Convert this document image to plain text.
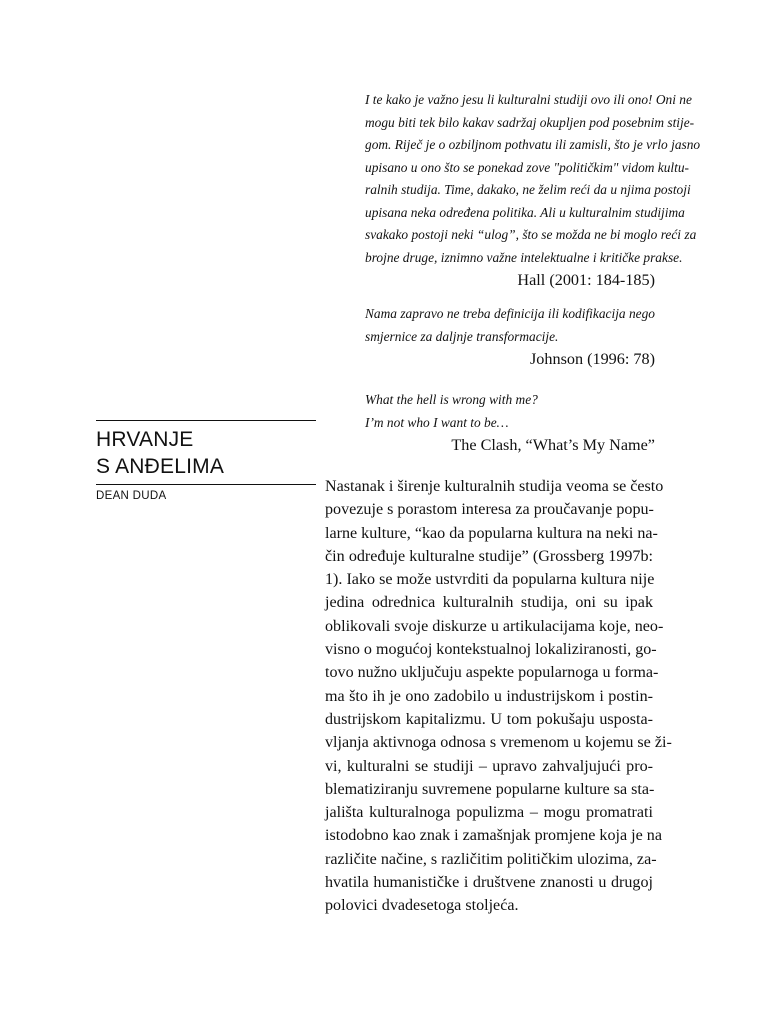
I te kako je važno jesu li kulturalni studiji ovo ili ono! Oni ne
mogu biti tek bilo kakav sadržaj okupljen pod posebnim stije-
gom. Riječ je o ozbiljnom pothvatu ili zamisli, što je vrlo jasno
upisano u ono što se ponekad zove "političkim" vidom kultu-
ralnih studija. Time, dakako, ne želim reći da u njima postoji
upisana neka određena politika. Ali u kulturalnim studijima
svakako postoji neki “ulog”, što se možda ne bi moglo reći za
brojne druge, iznimno važne intelektualne i kritičke prakse.
Hall (2001: 184-185)
Nama zapravo ne treba definicija ili kodifikacija nego
smjernice za daljnje transformacije.
Johnson (1996: 78)
What the hell is wrong with me?
I’m not who I want to be…
The Clash, “What’s My Name”
HRVANJE
S ANĐELIMA
DEAN DUDA
Nastanak i širenje kulturalnih studija veoma se često
povezuje s porastom interesa za proučavanje popu-
larne kulture, “kao da popularna kultura na neki na-
čin određuje kulturalne studije” (Grossberg 1997b:
1). Iako se može ustvrditi da popularna kultura nije
jedina odrednica kulturalnih studija, oni su ipak
oblikovali svoje diskurze u artikulacijama koje, neo-
visno o mogućoj kontekstualnoj lokaliziranosti, go-
tovo nužno uključuju aspekte popularnoga u forma-
ma što ih je ono zadobilo u industrijskom i postin-
dustrijskom kapitalizmu. U tom pokušaju usposta-
vljanja aktivnoga odnosa s vremenom u kojemu se ži-
vi, kulturalni se studiji – upravo zahvaljujući pro-
blematiziranju suvremene popularne kulture sa sta-
jališta kulturalnoga populizma – mogu promatrati
istodobno kao znak i zamašnjak promjene koja je na
različite načine, s različitim političkim ulozima, za-
hvatila humanističke i društvene znanosti u drugoj
polovici dvadesetoga stoljeća.
